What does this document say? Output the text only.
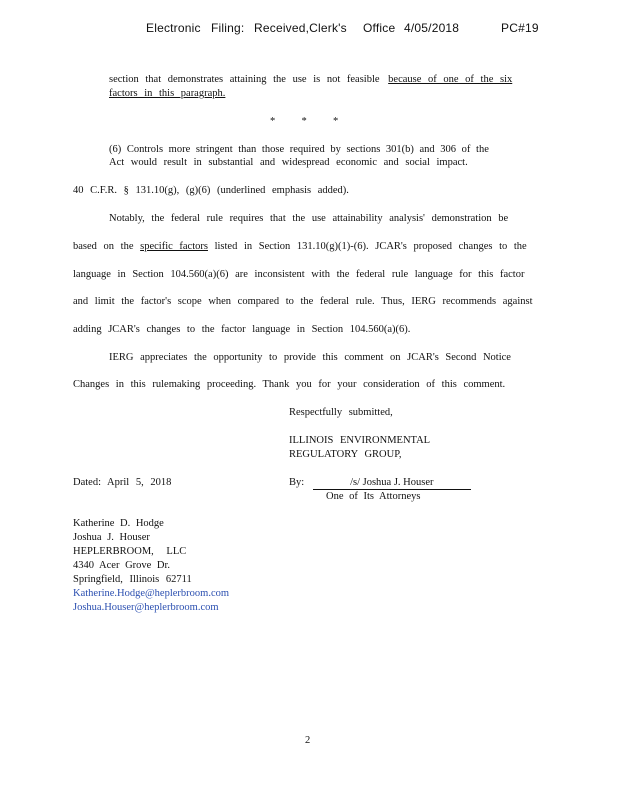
Electronic Filing: Received,Clerk's Office 4/05/2018	PC#19
section that demonstrates attaining the use is not feasible because of one of the six
factors in this paragraph.
*          *          *
(6) Controls more stringent than those required by sections 301(b) and 306 of the
Act would result in substantial and widespread economic and social impact.
40 C.F.R. § 131.10(g), (g)(6) (underlined emphasis added).
Notably, the federal rule requires that the use attainability analysis' demonstration be
based on the specific factors listed in Section 131.10(g)(1)-(6). JCAR's proposed changes to the
language in Section 104.560(a)(6) are inconsistent with the federal rule language for this factor
and limit the factor's scope when compared to the federal rule. Thus, IERG recommends against
adding JCAR's changes to the factor language in Section 104.560(a)(6).
IERG appreciates the opportunity to provide this comment on JCAR's Second Notice
Changes in this rulemaking proceeding. Thank you for your consideration of this comment.
Respectfully submitted,
ILLINOIS ENVIRONMENTAL
REGULATORY GROUP,
Dated: April 5, 2018	By:	/s/ Joshua J. Houser
One of Its Attorneys
Katherine D. Hodge
Joshua J. Houser
HEPLERBROOM, LLC
4340 Acer Grove Dr.
Springfield, Illinois 62711
Katherine.Hodge@heplerbroom.com
Joshua.Houser@heplerbroom.com
2
